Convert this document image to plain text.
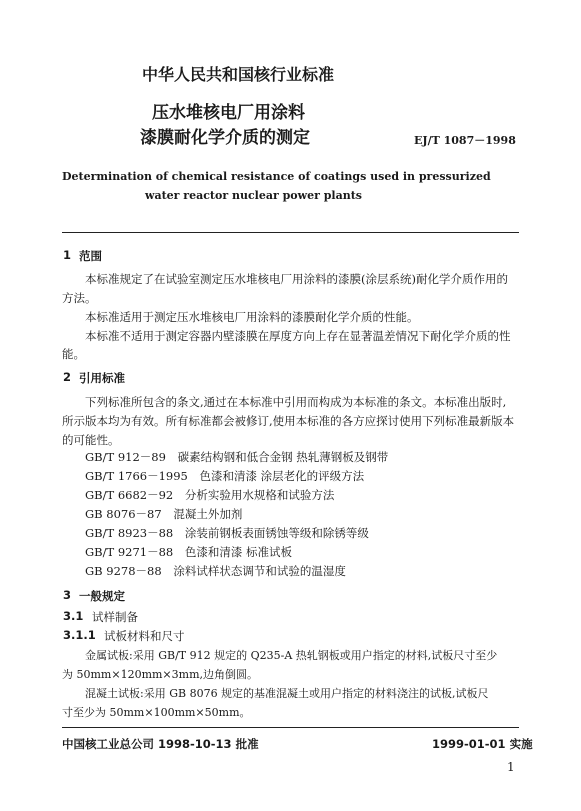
中华人民共和国核行业标准
压水堆核电厂用涂料
漆膜耐化学介质的测定	EJ/T 1087－1998
Determination of chemical resistance of coatings used in pressurized
water reactor nuclear power plants
1 范围
本标准规定了在试验室测定压水堆核电厂用涂料的漆膜(涂层系统)耐化学介质作用的
方法。
本标准适用于测定压水堆核电厂用涂料的漆膜耐化学介质的性能。
本标准不适用于测定容器内壁漆膜在厚度方向上存在显著温差情况下耐化学介质的性
能。
2 引用标准
下列标准所包含的条文,通过在本标准中引用而构成为本标准的条文。本标准出版时,
所示版本均为有效。所有标准都会被修订,使用本标准的各方应探讨使用下列标准最新版本
的可能性。
GB/T 912－89 碳素结构钢和低合金钢 热轧薄钢板及钢带
GB/T 1766－1995 色漆和清漆 涂层老化的评级方法
GB/T 6682－92 分析实验用水规格和试验方法
GB 8076－87 混凝土外加剂
GB/T 8923－88 涂装前钢板表面锈蚀等级和除锈等级
GB/T 9271－88 色漆和清漆 标准试板
GB 9278－88 涂料试样状态调节和试验的温湿度
3 一般规定
3.1 试样制备
3.1.1 试板材料和尺寸
金属试板:采用 GB/T 912 规定的 Q235-A 热轧钢板或用户指定的材料,试板尺寸至少
为 50mm×120mm×3mm,边角倒圆。
混凝土试板:采用 GB 8076 规定的基准混凝土或用户指定的材料浇注的试板,试板尺
寸至少为 50mm×100mm×50mm。
中国核工业总公司 1998-10-13 批准	1999-01-01 实施
1
